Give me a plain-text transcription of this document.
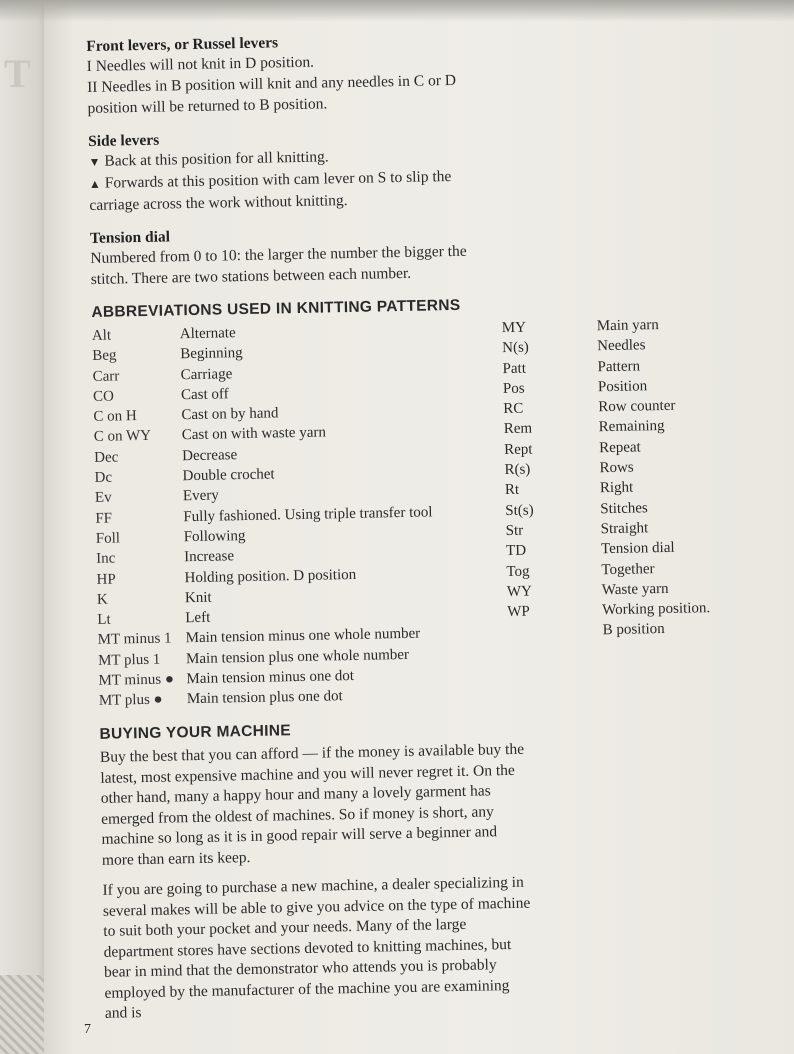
T
Front levers, or Russel levers

I Needles will not knit in D position.

II Needles in B position will knit and any needles in C or D

position will be returned to B position.

Side levers

▼ Back at this position for all knitting.

▲ Forwards at this position with cam lever on S to slip the

carriage across the work without knitting.

Tension dial

Numbered from 0 to 10: the larger the number the bigger the

stitch. There are two stations between each number.

ABBREVIATIONS USED IN KNITTING PATTERNS
Alt	Alternate
Beg	Beginning
Carr	Carriage
CO	Cast off
C on H	Cast on by hand
C on WY	Cast on with waste yarn
Dec	Decrease
Dc	Double crochet
Ev	Every
FF	Fully fashioned. Using triple transfer tool
Foll	Following
Inc	Increase
HP	Holding position. D position
K	Knit
Lt	Left
MT minus 1 Main tension minus one whole number
MT plus 1	Main tension plus one whole number
MT minus ● Main tension minus one dot
MT plus ●	Main tension plus one dot
MY	Main yarn
N(s)	Needles
Patt	Pattern
Pos	Position
RC	Row counter
Rem	Remaining
Rept	Repeat
R(s)	Rows
Rt	Right
St(s)	Stitches
Str	Straight
TD	Tension dial
Tog	Together
WY	Waste yarn
WP	Working position.
B position
BUYING YOUR MACHINE

Buy the best that you can afford — if the money is available buy the latest, most expensive machine and you will never regret it. On the other hand, many a happy hour and many a lovely garment has emerged from the oldest of machines. So if money is short, any machine so long as it is in good repair will serve a beginner and more than earn its keep.

If you are going to purchase a new machine, a dealer specializing in several makes will be able to give you advice on the type of machine to suit both your pocket and your needs. Many of the large department stores have sections devoted to knitting machines, but bear in mind that the demonstrator who attends you is probably employed by the manufacturer of the machine you are examining and is

7
